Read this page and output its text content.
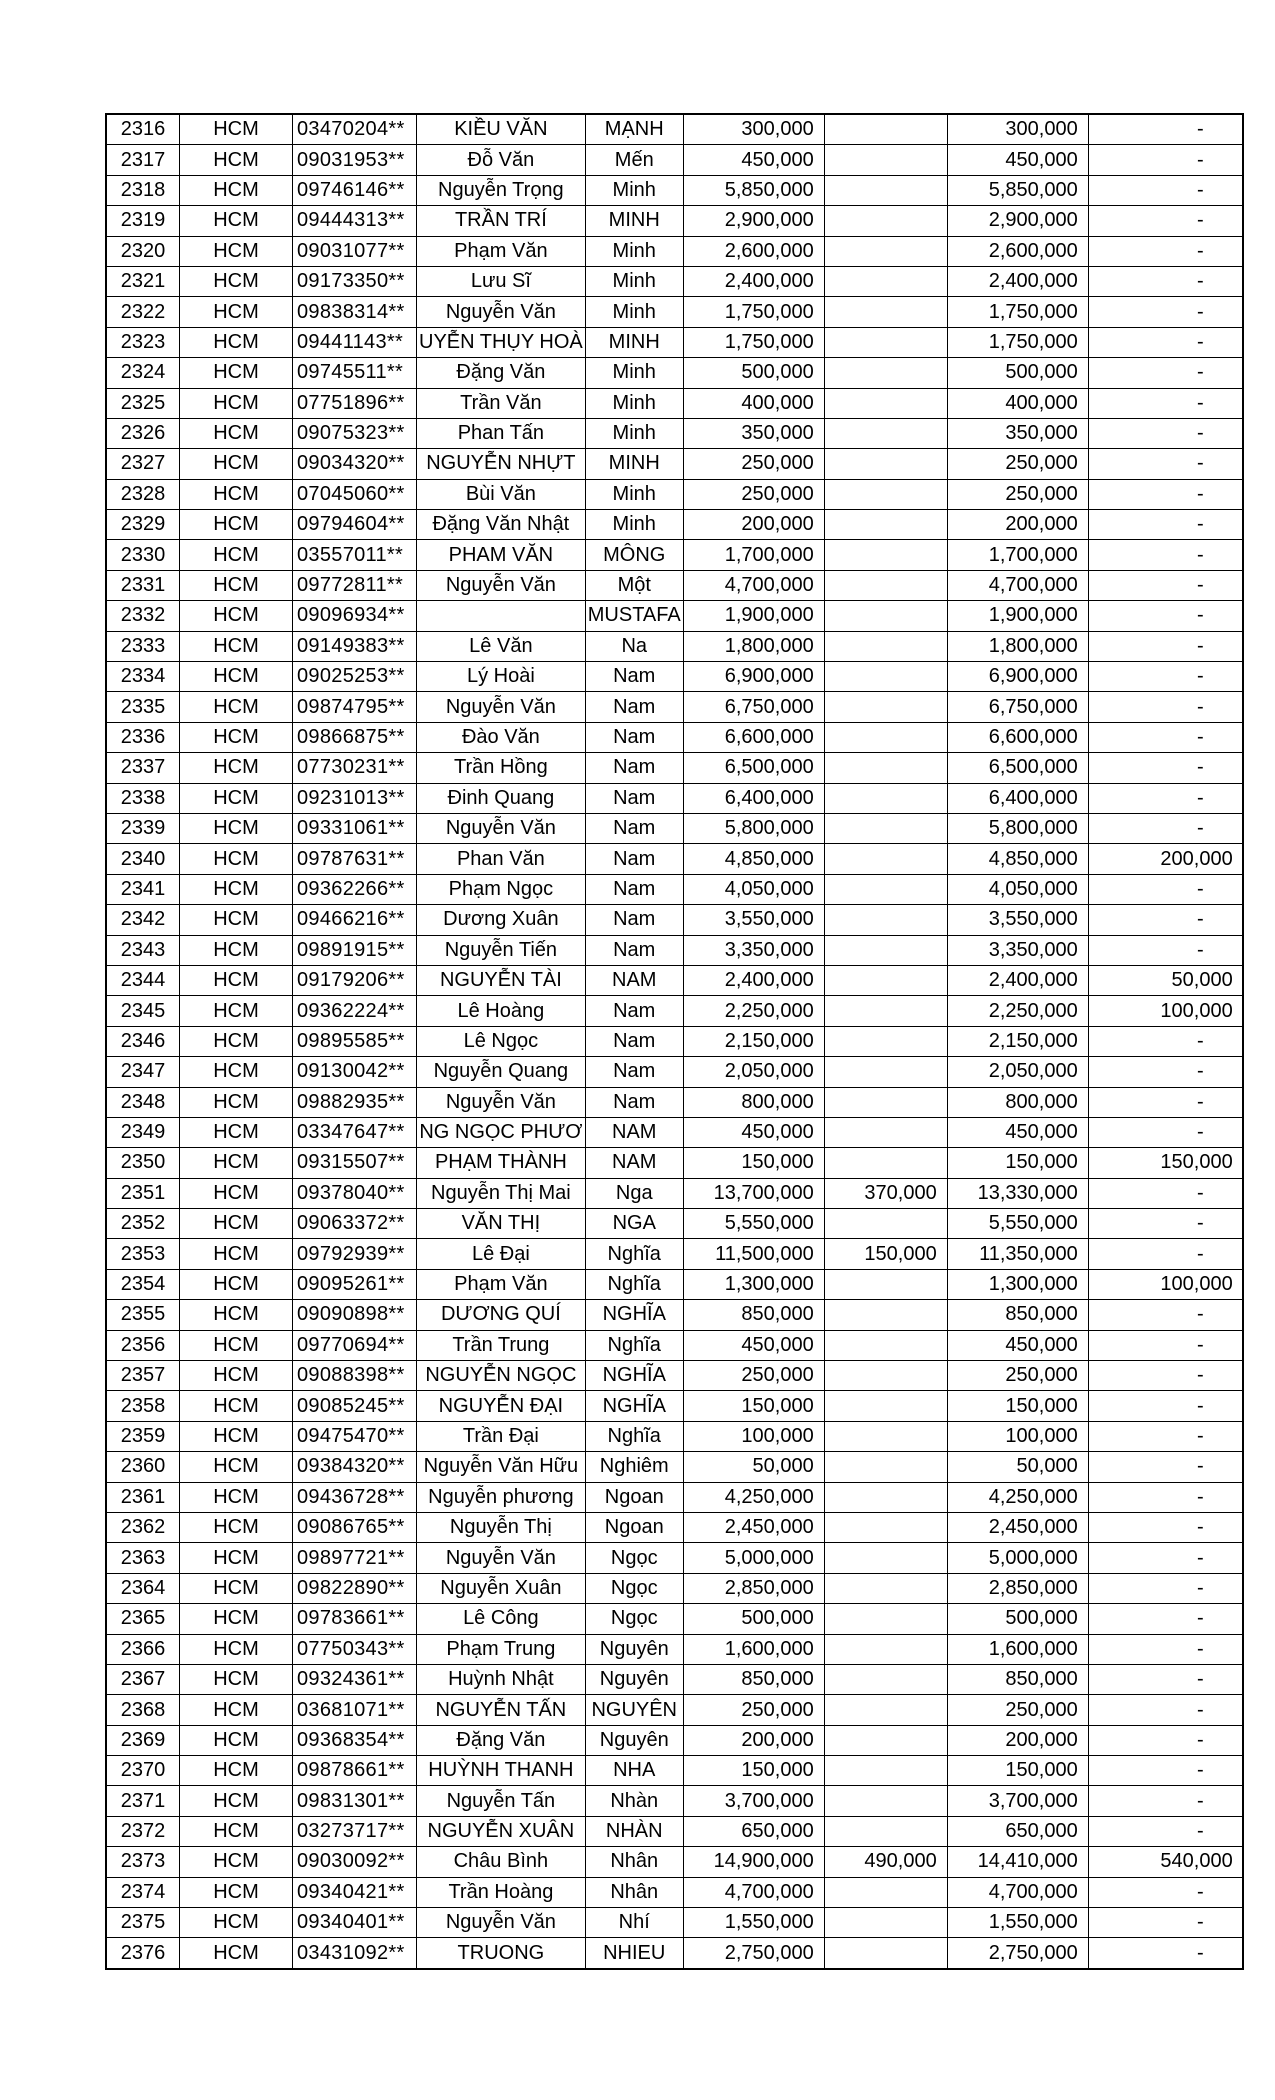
2316	HCM	03470204**	KIỀU VĂN	MẠNH	300,000		300,000	-
2317	HCM	09031953**	Đỗ Văn	Mến	450,000		450,000	-
2318	HCM	09746146**	Nguyễn Trọng	Minh	5,850,000		5,850,000	-
2319	HCM	09444313**	TRẦN TRÍ	MINH	2,900,000		2,900,000	-
2320	HCM	09031077**	Phạm Văn	Minh	2,600,000		2,600,000	-
2321	HCM	09173350**	Lưu Sĩ	Minh	2,400,000		2,400,000	-
2322	HCM	09838314**	Nguyễn Văn	Minh	1,750,000		1,750,000	-
2323	HCM	09441143**	UYỄN THỤY HOÀ	MINH	1,750,000		1,750,000	-
2324	HCM	09745511**	Đặng Văn	Minh	500,000		500,000	-
2325	HCM	07751896**	Trần Văn	Minh	400,000		400,000	-
2326	HCM	09075323**	Phan Tấn	Minh	350,000		350,000	-
2327	HCM	09034320**	NGUYỄN NHỰT	MINH	250,000		250,000	-
2328	HCM	07045060**	Bùi Văn	Minh	250,000		250,000	-
2329	HCM	09794604**	Đặng Văn Nhật	Minh	200,000		200,000	-
2330	HCM	03557011**	PHAM VĂN	MÔNG	1,700,000		1,700,000	-
2331	HCM	09772811**	Nguyễn Văn	Một	4,700,000		4,700,000	-
2332	HCM	09096934**		MUSTAFA	1,900,000		1,900,000	-
2333	HCM	09149383**	Lê Văn	Na	1,800,000		1,800,000	-
2334	HCM	09025253**	Lý Hoài	Nam	6,900,000		6,900,000	-
2335	HCM	09874795**	Nguyễn Văn	Nam	6,750,000		6,750,000	-
2336	HCM	09866875**	Đào Văn	Nam	6,600,000		6,600,000	-
2337	HCM	07730231**	Trần Hồng	Nam	6,500,000		6,500,000	-
2338	HCM	09231013**	Đinh Quang	Nam	6,400,000		6,400,000	-
2339	HCM	09331061**	Nguyễn Văn	Nam	5,800,000		5,800,000	-
2340	HCM	09787631**	Phan Văn	Nam	4,850,000		4,850,000	200,000
2341	HCM	09362266**	Phạm Ngọc	Nam	4,050,000		4,050,000	-
2342	HCM	09466216**	Dương Xuân	Nam	3,550,000		3,550,000	-
2343	HCM	09891915**	Nguyễn Tiến	Nam	3,350,000		3,350,000	-
2344	HCM	09179206**	NGUYỄN TÀI	NAM	2,400,000		2,400,000	50,000
2345	HCM	09362224**	Lê Hoàng	Nam	2,250,000		2,250,000	100,000
2346	HCM	09895585**	Lê Ngọc	Nam	2,150,000		2,150,000	-
2347	HCM	09130042**	Nguyễn Quang	Nam	2,050,000		2,050,000	-
2348	HCM	09882935**	Nguyễn Văn	Nam	800,000		800,000	-
2349	HCM	03347647**	NG NGỌC PHƯƠ	NAM	450,000		450,000	-
2350	HCM	09315507**	PHẠM THÀNH	NAM	150,000		150,000	150,000
2351	HCM	09378040**	Nguyễn Thị Mai	Nga	13,700,000	370,000	13,330,000	-
2352	HCM	09063372**	VĂN THỊ	NGA	5,550,000		5,550,000	-
2353	HCM	09792939**	Lê Đại	Nghĩa	11,500,000	150,000	11,350,000	-
2354	HCM	09095261**	Phạm Văn	Nghĩa	1,300,000		1,300,000	100,000
2355	HCM	09090898**	DƯƠNG QUÍ	NGHĨA	850,000		850,000	-
2356	HCM	09770694**	Trần Trung	Nghĩa	450,000		450,000	-
2357	HCM	09088398**	NGUYỄN NGỌC	NGHĨA	250,000		250,000	-
2358	HCM	09085245**	NGUYỄN ĐẠI	NGHĨA	150,000		150,000	-
2359	HCM	09475470**	Trần Đại	Nghĩa	100,000		100,000	-
2360	HCM	09384320**	Nguyễn Văn Hữu	Nghiêm	50,000		50,000	-
2361	HCM	09436728**	Nguyễn phương	Ngoan	4,250,000		4,250,000	-
2362	HCM	09086765**	Nguyễn Thị	Ngoan	2,450,000		2,450,000	-
2363	HCM	09897721**	Nguyễn Văn	Ngọc	5,000,000		5,000,000	-
2364	HCM	09822890**	Nguyễn Xuân	Ngọc	2,850,000		2,850,000	-
2365	HCM	09783661**	Lê Công	Ngọc	500,000		500,000	-
2366	HCM	07750343**	Phạm Trung	Nguyên	1,600,000		1,600,000	-
2367	HCM	09324361**	Huỳnh Nhật	Nguyên	850,000		850,000	-
2368	HCM	03681071**	NGUYỄN TẤN	NGUYÊN	250,000		250,000	-
2369	HCM	09368354**	Đặng Văn	Nguyên	200,000		200,000	-
2370	HCM	09878661**	HUỲNH THANH	NHA	150,000		150,000	-
2371	HCM	09831301**	Nguyễn Tấn	Nhàn	3,700,000		3,700,000	-
2372	HCM	03273717**	NGUYỄN XUÂN	NHÀN	650,000		650,000	-
2373	HCM	09030092**	Châu Bình	Nhân	14,900,000	490,000	14,410,000	540,000
2374	HCM	09340421**	Trần Hoàng	Nhân	4,700,000		4,700,000	-
2375	HCM	09340401**	Nguyễn Văn	Nhí	1,550,000		1,550,000	-
2376	HCM	03431092**	TRUONG	NHIEU	2,750,000		2,750,000	-
